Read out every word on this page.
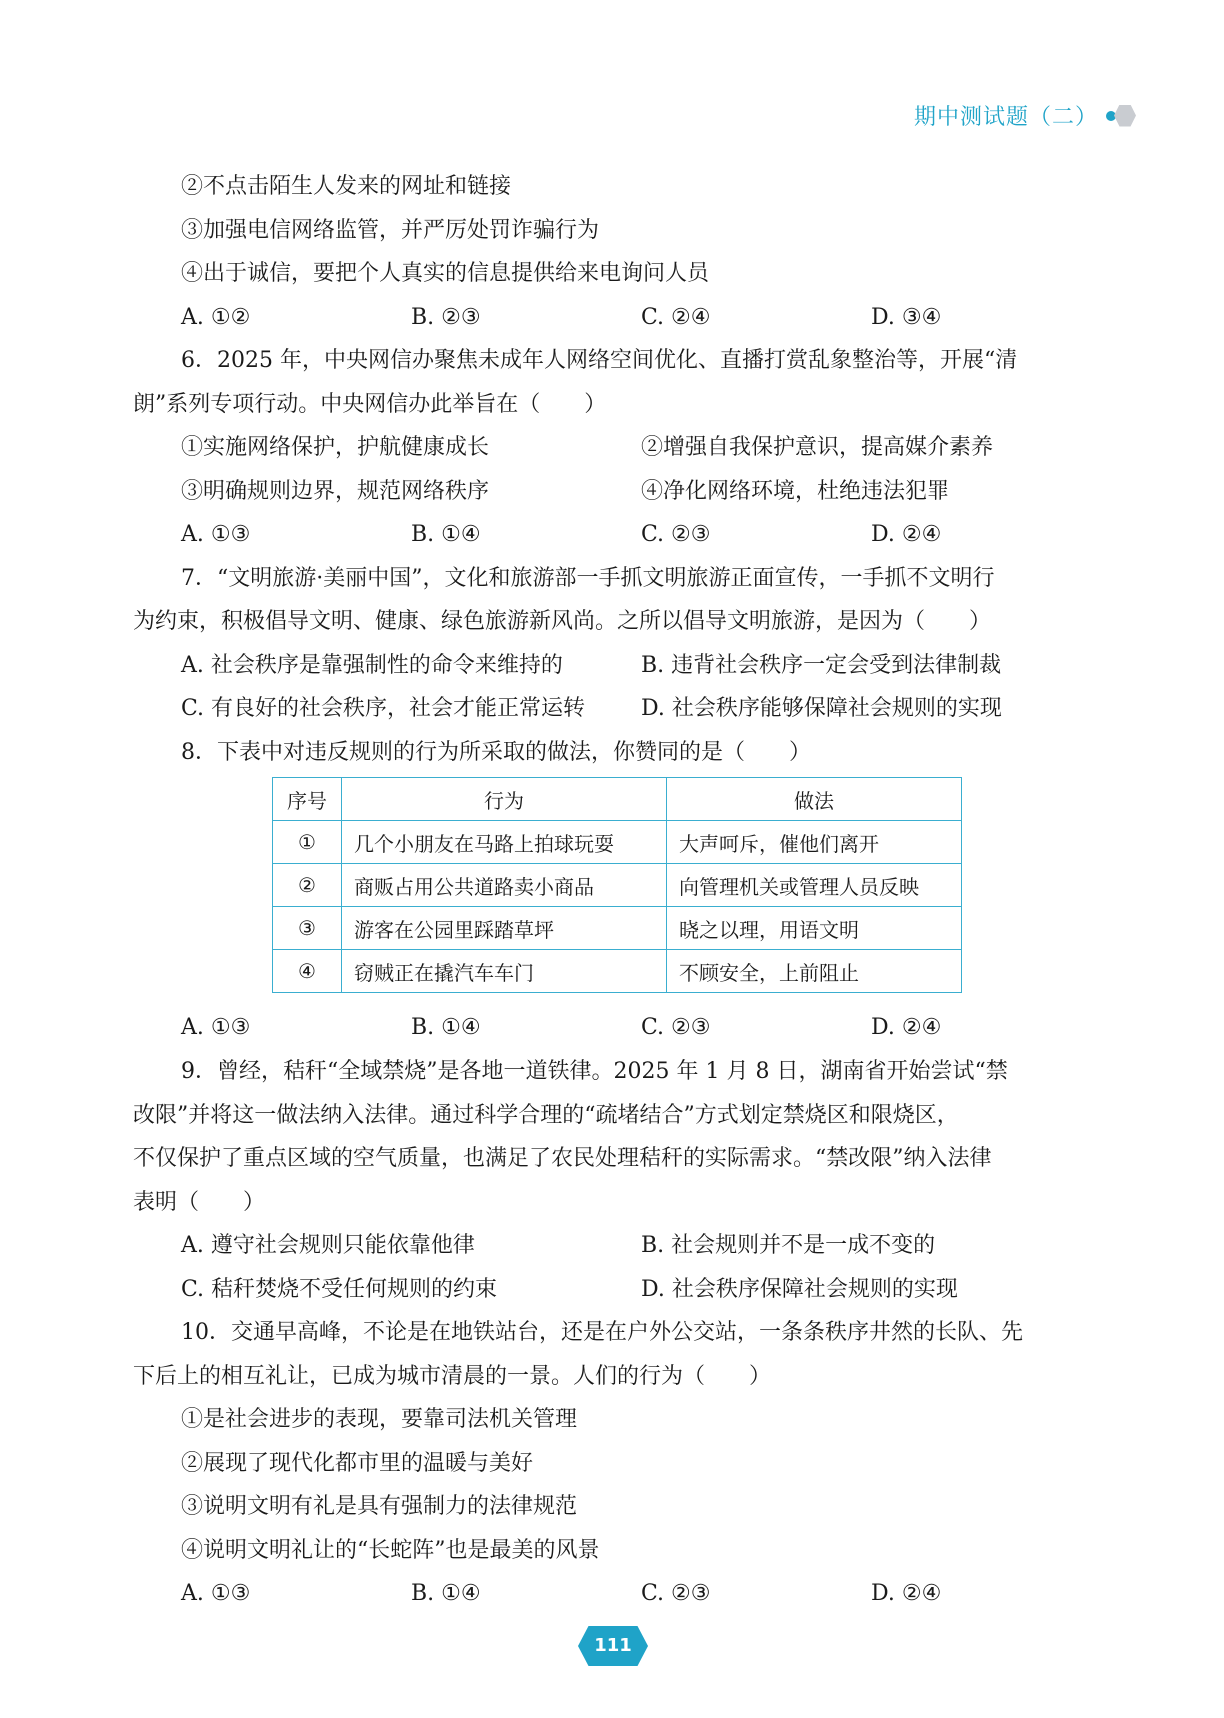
期中测试题（二）
②不点击陌生人发来的网址和链接
③加强电信网络监管，并严厉处罚诈骗行为
④出于诚信，要把个人真实的信息提供给来电询问人员
A. ①②	B. ②③	C. ②④	D. ③④
6．2025 年，中央网信办聚焦未成年人网络空间优化、直播打赏乱象整治等，开展“清
朗”系列专项行动。中央网信办此举旨在（　　）
①实施网络保护，护航健康成长	②增强自我保护意识，提高媒介素养
③明确规则边界，规范网络秩序	④净化网络环境，杜绝违法犯罪
A. ①③	B. ①④	C. ②③	D. ②④
7．“文明旅游·美丽中国”，文化和旅游部一手抓文明旅游正面宣传，一手抓不文明行
为约束，积极倡导文明、健康、绿色旅游新风尚。之所以倡导文明旅游，是因为（　　）
A. 社会秩序是靠强制性的命令来维持的	B. 违背社会秩序一定会受到法律制裁
C. 有良好的社会秩序，社会才能正常运转	D. 社会秩序能够保障社会规则的实现
8．下表中对违反规则的行为所采取的做法，你赞同的是（　　）
序号	行为	做法
①	几个小朋友在马路上拍球玩耍	大声呵斥，催他们离开
②	商贩占用公共道路卖小商品	向管理机关或管理人员反映
③	游客在公园里踩踏草坪	晓之以理，用语文明
④	窃贼正在撬汽车车门	不顾安全，上前阻止
A. ①③	B. ①④	C. ②③	D. ②④
9．曾经，秸秆“全域禁烧”是各地一道铁律。2025 年 1 月 8 日，湖南省开始尝试“禁
改限”并将这一做法纳入法律。通过科学合理的“疏堵结合”方式划定禁烧区和限烧区，
不仅保护了重点区域的空气质量，也满足了农民处理秸秆的实际需求。“禁改限”纳入法律
表明（　　）
A. 遵守社会规则只能依靠他律	B. 社会规则并不是一成不变的
C. 秸秆焚烧不受任何规则的约束	D. 社会秩序保障社会规则的实现
10．交通早高峰，不论是在地铁站台，还是在户外公交站，一条条秩序井然的长队、先
下后上的相互礼让，已成为城市清晨的一景。人们的行为（　　）
①是社会进步的表现，要靠司法机关管理
②展现了现代化都市里的温暖与美好
③说明文明有礼是具有强制力的法律规范
④说明文明礼让的“长蛇阵”也是最美的风景
A. ①③	B. ①④	C. ②③	D. ②④
111
